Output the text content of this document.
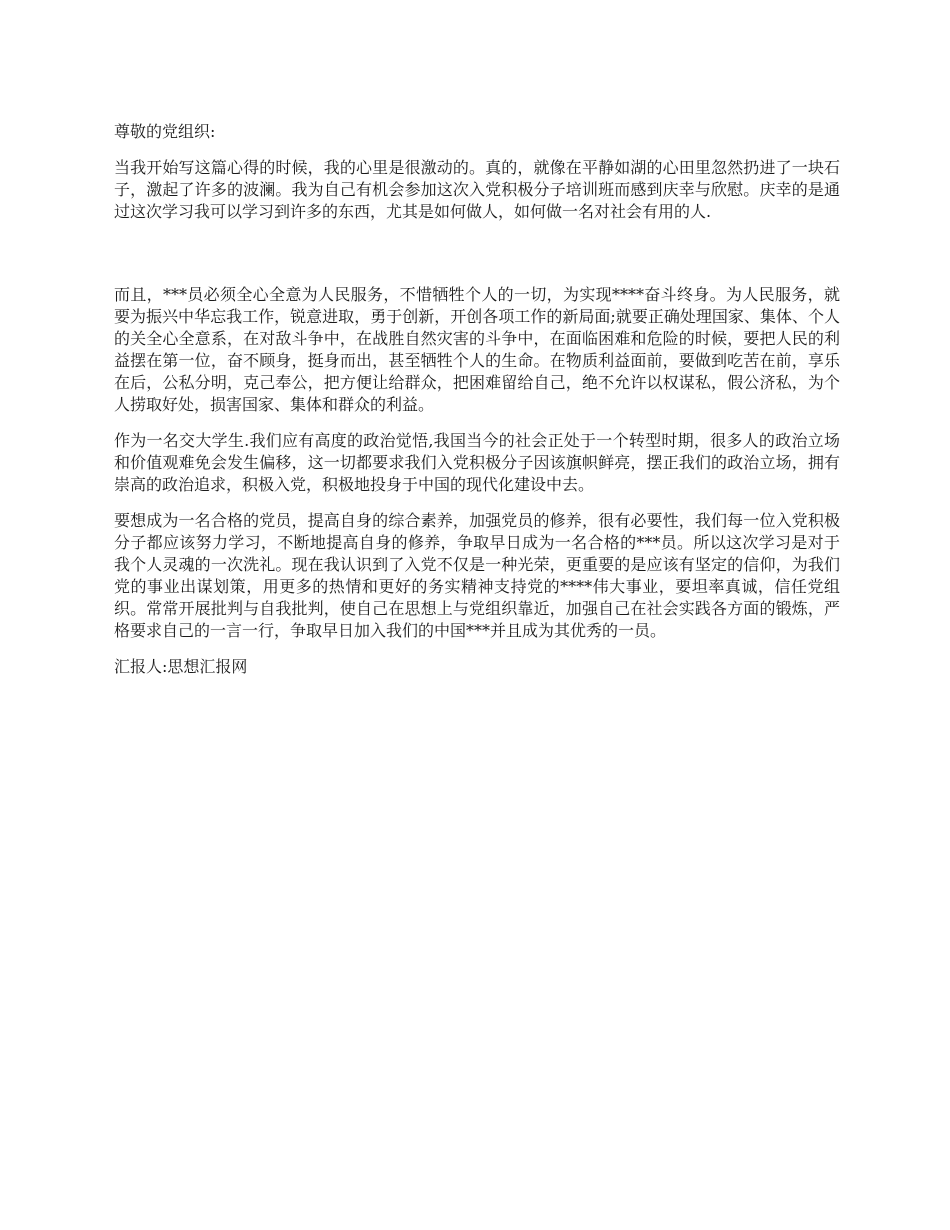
尊敬的党组织:

当我开始写这篇心得的时候，我的心里是很激动的。真的，就像在平静如湖的心田里忽然扔进了一块石子，激起了许多的波澜。我为自己有机会参加这次入党积极分子培训班而感到庆幸与欣慰。庆幸的是通过这次学习我可以学习到许多的东西，尤其是如何做人，如何做一名对社会有用的人.

而且，***员必须全心全意为人民服务，不惜牺牲个人的一切，为实现****奋斗终身。为人民服务，就要为振兴中华忘我工作，锐意进取，勇于创新，开创各项工作的新局面;就要正确处理国家、集体、个人的关全心全意系，在对敌斗争中，在战胜自然灾害的斗争中，在面临困难和危险的时候，要把人民的利益摆在第一位，奋不顾身，挺身而出，甚至牺牲个人的生命。在物质利益面前，要做到吃苦在前，享乐在后，公私分明，克己奉公，把方便让给群众，把困难留给自己，绝不允许以权谋私，假公济私，为个人捞取好处，损害国家、集体和群众的利益。

作为一名交大学生.我们应有高度的政治觉悟,我国当今的社会正处于一个转型时期，很多人的政治立场和价值观难免会发生偏移，这一切都要求我们入党积极分子因该旗帜鲜亮，摆正我们的政治立场，拥有崇高的政治追求，积极入党，积极地投身于中国的现代化建设中去。

要想成为一名合格的党员，提高自身的综合素养，加强党员的修养，很有必要性，我们每一位入党积极分子都应该努力学习，不断地提高自身的修养，争取早日成为一名合格的***员。所以这次学习是对于我个人灵魂的一次洗礼。现在我认识到了入党不仅是一种光荣，更重要的是应该有坚定的信仰，为我们党的事业出谋划策，用更多的热情和更好的务实精神支持党的****伟大事业，要坦率真诚，信任党组织。常常开展批判与自我批判，使自己在思想上与党组织靠近，加强自己在社会实践各方面的锻炼，严格要求自己的一言一行，争取早日加入我们的中国***并且成为其优秀的一员。

汇报人:思想汇报网
